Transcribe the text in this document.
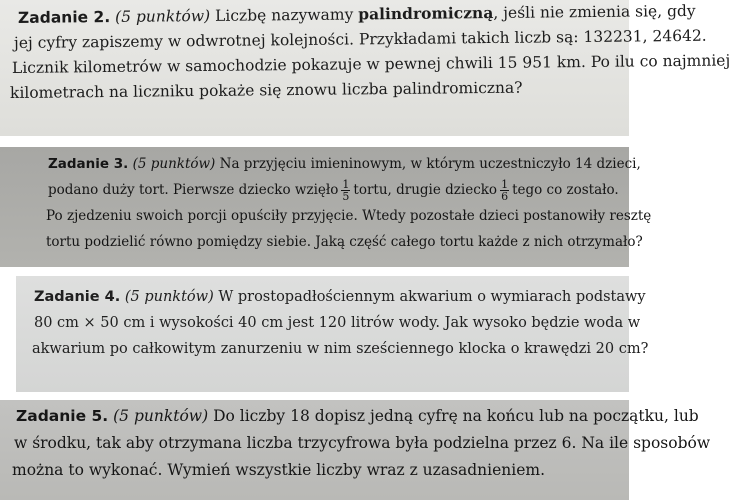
Zadanie 2. (5 punktów) Liczbę nazywamy palindromiczną, jeśli nie zmienia się, gdy

jej cyfry zapiszemy w odwrotnej kolejności. Przykładami takich liczb są: 132231, 24642.

Licznik kilometrów w samochodzie pokazuje w pewnej chwili 15 951 km. Po ilu co najmniej

kilometrach na liczniku pokaże się znowu liczba palindromiczna?

Zadanie 3. (5 punktów) Na przyjęciu imieninowym, w którym uczestniczyło 14 dzieci,

podano duży tort. Pierwsze dziecko wzięło $\frac{1}{5}$ tortu, drugie dziecko $\frac{1}{6}$ tego co zostało.

Po zjedzeniu swoich porcji opuściły przyjęcie. Wtedy pozostałe dzieci postanowiły resztę

tortu podzielić równo pomiędzy siebie. Jaką część całego tortu każde z nich otrzymało?

Zadanie 4. (5 punktów) W prostopadłościennym akwarium o wymiarach podstawy

80 cm × 50 cm i wysokości 40 cm jest 120 litrów wody. Jak wysoko będzie woda w

akwarium po całkowitym zanurzeniu w nim sześciennego klocka o krawędzi 20 cm?

Zadanie 5. (5 punktów) Do liczby 18 dopisz jedną cyfrę na końcu lub na początku, lub

w środku, tak aby otrzymana liczba trzycyfrowa była podzielna przez 6. Na ile sposobów

można to wykonać. Wymień wszystkie liczby wraz z uzasadnieniem.
